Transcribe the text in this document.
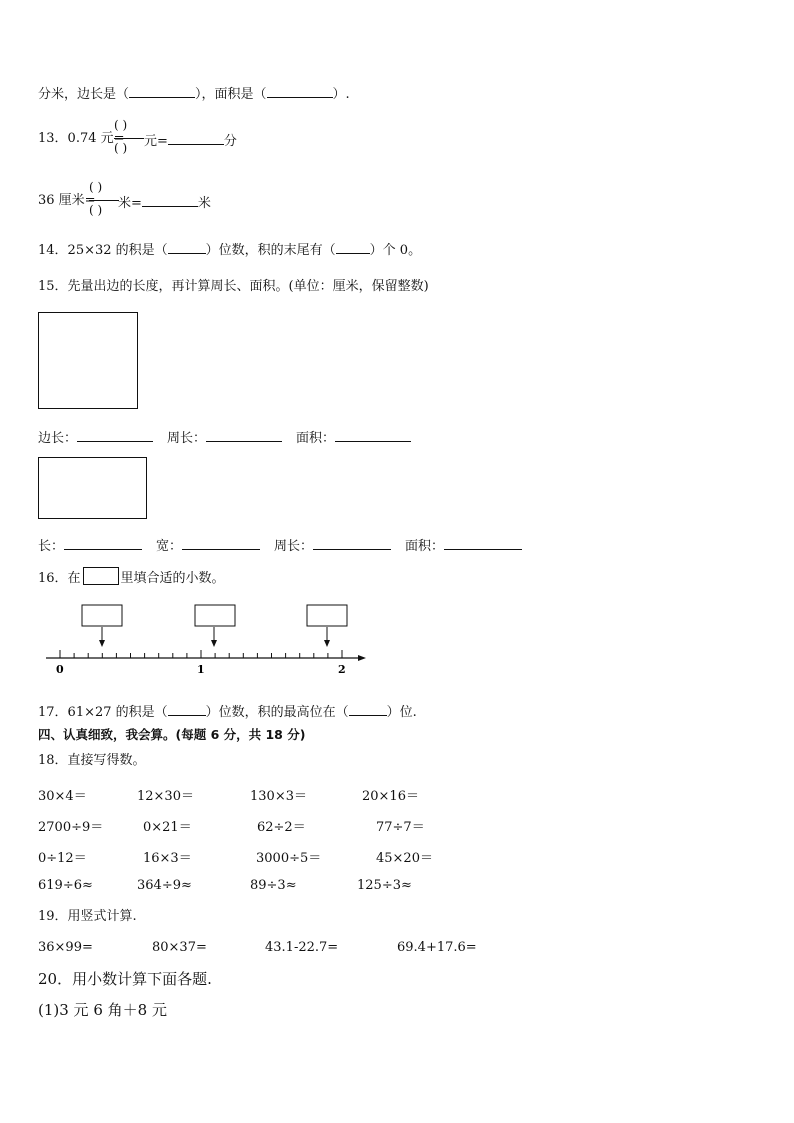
分米，边长是（	），面积是（	）.
13．0.74 元=
( )
( ) 元=	分
36 厘米=
( )
( ) 米=	米
14．25×32 的积是（	）位数，积的末尾有（	）个 0。
15．先量出边的长度，再计算周长、面积。(单位：厘米，保留整数)
边长：	周长：	面积：
长：	宽：	周长：	面积：
16．在	里填合适的小数。
0	1	2
17．61×27 的积是（	）位数，积的最高位在（	）位.
四、认真细致，我会算。(每题 6 分，共 18 分)
18．直接写得数。
30×4＝	12×30＝	130×3＝	20×16＝
2700÷9＝	0×21＝	62÷2＝	77÷7＝
0÷12＝	16×3＝	3000÷5＝	45×20＝
619÷6≈	364÷9≈	89÷3≈	125÷3≈
19．用竖式计算.
36×99=	80×37=	43.1-22.7=	69.4+17.6=
20．用小数计算下面各题.
(1)3 元 6 角＋8 元
